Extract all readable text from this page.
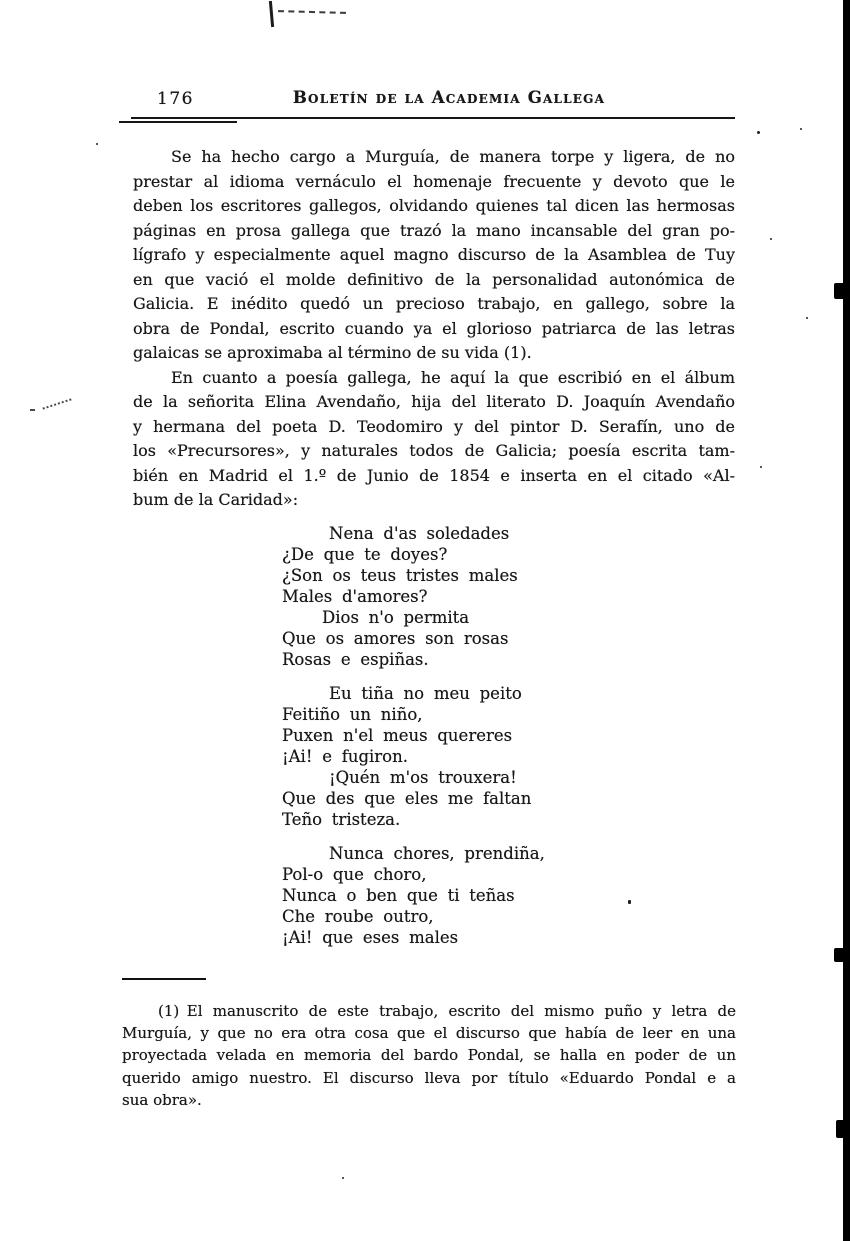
176	Boletín de la Academia Gallega
Se ha hecho cargo a Murguía, de manera torpe y ligera, de no
prestar al idioma vernáculo el homenaje frecuente y devoto que le
deben los escritores gallegos, olvidando quienes tal dicen las hermosas
páginas en prosa gallega que trazó la mano incansable del gran po-
lígrafo y especialmente aquel magno discurso de la Asamblea de Tuy
en que vació el molde definitivo de la personalidad autonómica de
Galicia. E inédito quedó un precioso trabajo, en gallego, sobre la
obra de Pondal, escrito cuando ya el glorioso patriarca de las letras
galaicas se aproximaba al término de su vida (1).
En cuanto a poesía gallega, he aquí la que escribió en el álbum
de la señorita Elina Avendaño, hija del literato D. Joaquín Avendaño
y hermana del poeta D. Teodomiro y del pintor D. Serafín, uno de
los «Precursores», y naturales todos de Galicia; poesía escrita tam-
bién en Madrid el 1.º de Junio de 1854 e inserta en el citado «Al-
bum de la Caridad»:
Nena d'as soledades
¿De que te doyes?
¿Son os teus tristes males
Males d'amores?
Dios n'o permita
Que os amores son rosas
Rosas e espiñas.
Eu tiña no meu peito
Feitiño un niño,
Puxen n'el meus quereres
¡Ai! e fugiron.
¡Quén m'os trouxera!
Que des que eles me faltan
Teño tristeza.
Nunca chores, prendiña,
Pol-o que choro,
Nunca o ben que ti teñas
Che roube outro,
¡Ai! que eses males
(1) El manuscrito de este trabajo, escrito del mismo puño y letra de
Murguía, y que no era otra cosa que el discurso que había de leer en una
proyectada velada en memoria del bardo Pondal, se halla en poder de un
querido amigo nuestro. El discurso lleva por título «Eduardo Pondal e a
sua obra».
